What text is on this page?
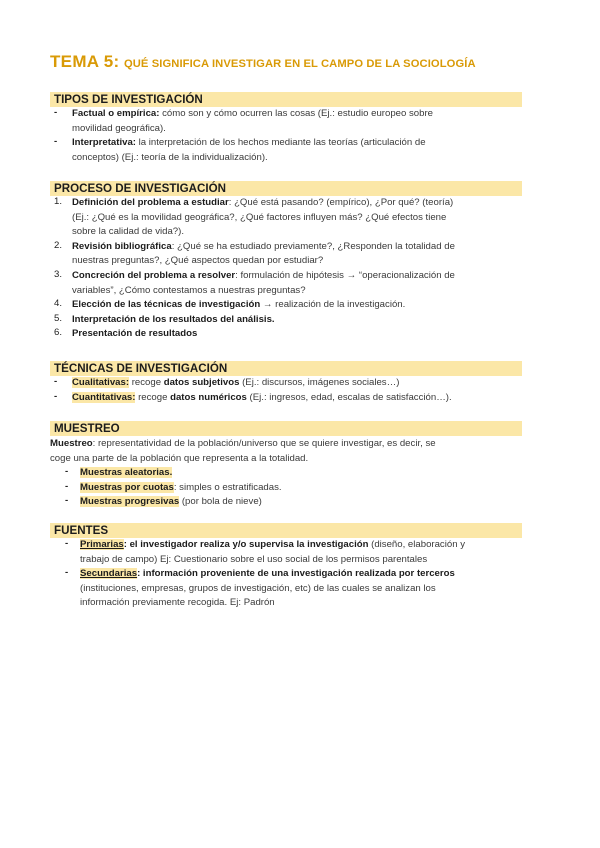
TEMA 5: QUÉ SIGNIFICA INVESTIGAR EN EL CAMPO DE LA SOCIOLOGÍA
TIPOS DE INVESTIGACIÓN
- Factual o empírica: cómo son y cómo ocurren las cosas (Ej.: estudio europeo sobre
movilidad geográfica).
- Interpretativa: la interpretación de los hechos mediante las teorías (articulación de
conceptos) (Ej.: teoría de la individualización).
PROCESO DE INVESTIGACIÓN
1. Definición del problema a estudiar: ¿Qué está pasando? (empírico), ¿Por qué? (teoría)
(Ej.: ¿Qué es la movilidad geográfica?, ¿Qué factores influyen más? ¿Qué efectos tiene
sobre la calidad de vida?).
2. Revisión bibliográfica: ¿Qué se ha estudiado previamente?, ¿Responden la totalidad de
nuestras preguntas?, ¿Qué aspectos quedan por estudiar?
3. Concreción del problema a resolver: formulación de hipótesis → “operacionalización de
variables”, ¿Cómo contestamos a nuestras preguntas?
4. Elección de las técnicas de investigación → realización de la investigación.
5. Interpretación de los resultados del análisis.
6. Presentación de resultados
TÉCNICAS DE INVESTIGACIÓN
- Cualitativas: recoge datos subjetivos (Ej.: discursos, imágenes sociales…)
- Cuantitativas: recoge datos numéricos (Ej.: ingresos, edad, escalas de satisfacción…).
MUESTREO
Muestreo: representatividad de la población/universo que se quiere investigar, es decir, se
coge una parte de la población que representa a la totalidad.
- Muestras aleatorias.
- Muestras por cuotas: simples o estratificadas.
- Muestras progresivas (por bola de nieve)
FUENTES
- Primarias: el investigador realiza y/o supervisa la investigación (diseño, elaboración y
trabajo de campo) Ej: Cuestionario sobre el uso social de los permisos parentales
- Secundarias: información proveniente de una investigación realizada por terceros
(instituciones, empresas, grupos de investigación, etc) de las cuales se analizan los
información previamente recogida. Ej: Padrón
